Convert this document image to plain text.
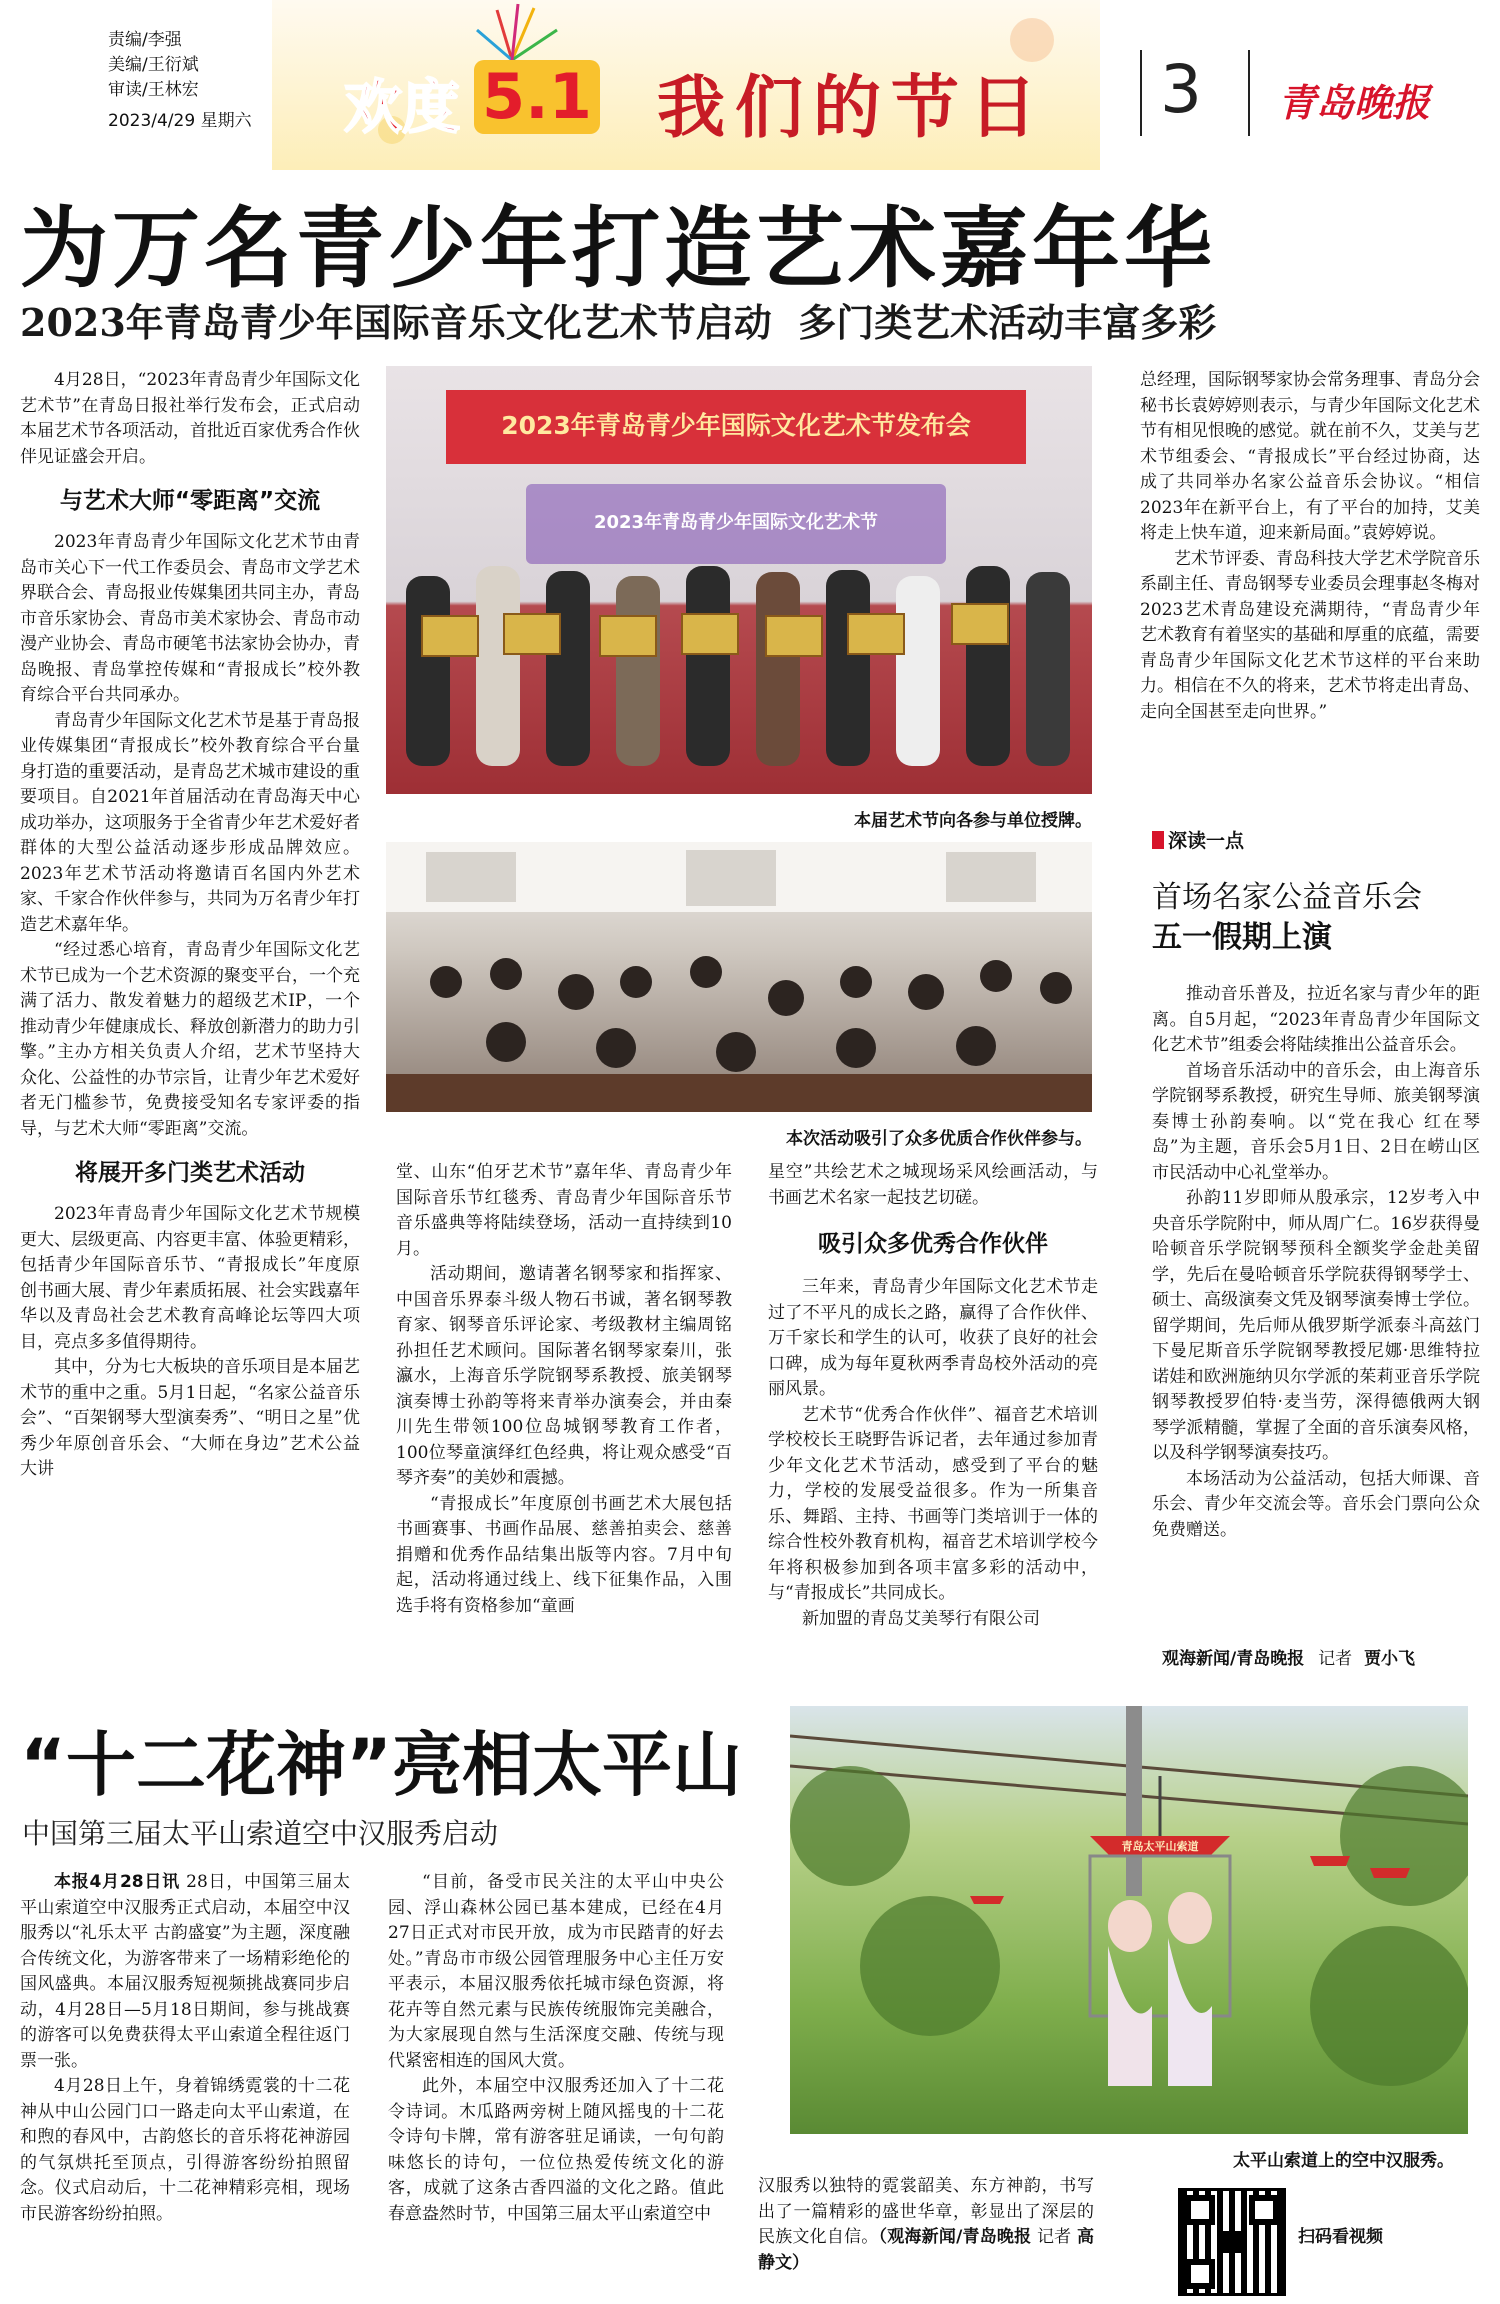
责编/李强
美编/王衍斌
审读/王林宏
2023/4/29 星期六 欢度 5.1 我们的节日 3 青岛晚报
为万名青少年打造艺术嘉年华
2023年青岛青少年国际音乐文化艺术节启动  多门类艺术活动丰富多彩

4月28日，“2023年青岛青少年国际文化艺术节”在青岛日报社举行发布会，正式启动本届艺术节各项活动，首批近百家优秀合作伙伴见证盛会开启。

与艺术大师“零距离”交流

2023年青岛青少年国际文化艺术节由青岛市关心下一代工作委员会、青岛市文学艺术界联合会、青岛报业传媒集团共同主办，青岛市音乐家协会、青岛市美术家协会、青岛市动漫产业协会、青岛市硬笔书法家协会协办，青岛晚报、青岛掌控传媒和“青报成长”校外教育综合平台共同承办。

青岛青少年国际文化艺术节是基于青岛报业传媒集团“青报成长”校外教育综合平台量身打造的重要活动，是青岛艺术城市建设的重要项目。自2021年首届活动在青岛海天中心成功举办，这项服务于全省青少年艺术爱好者群体的大型公益活动逐步形成品牌效应。2023年艺术节活动将邀请百名国内外艺术家、千家合作伙伴参与，共同为万名青少年打造艺术嘉年华。

“经过悉心培育，青岛青少年国际文化艺术节已成为一个艺术资源的聚变平台，一个充满了活力、散发着魅力的超级艺术IP，一个推动青少年健康成长、释放创新潜力的助力引擎。”主办方相关负责人介绍，艺术节坚持大众化、公益性的办节宗旨，让青少年艺术爱好者无门槛参节，免费接受知名专家评委的指导，与艺术大师“零距离”交流。

将展开多门类艺术活动

2023年青岛青少年国际文化艺术节规模更大、层级更高、内容更丰富、体验更精彩，包括青少年国际音乐节、“青报成长”年度原创书画大展、青少年素质拓展、社会实践嘉年华以及青岛社会艺术教育高峰论坛等四大项目，亮点多多值得期待。

其中，分为七大板块的音乐项目是本届艺术节的重中之重。5月1日起，“名家公益音乐会”、“百架钢琴大型演奏秀”、“明日之星”优秀少年原创音乐会、“大师在身边”艺术公益大讲

2023年青岛青少年国际文化艺术节发布会
2023年青岛青少年国际文化艺术节
本届艺术节向各参与单位授牌。
本次活动吸引了众多优质合作伙伴参与。

堂、山东“伯牙艺术节”嘉年华、青岛青少年国际音乐节红毯秀、青岛青少年国际音乐节音乐盛典等将陆续登场，活动一直持续到10月。

活动期间，邀请著名钢琴家和指挥家、中国音乐界泰斗级人物石书诚，著名钢琴教育家、钢琴音乐评论家、考级教材主编周铭孙担任艺术顾问。国际著名钢琴家秦川，张瀛水，上海音乐学院钢琴系教授、旅美钢琴演奏博士孙韵等将来青举办演奏会，并由秦川先生带领100位岛城钢琴教育工作者，100位琴童演绎红色经典，将让观众感受“百琴齐奏”的美妙和震撼。

“青报成长”年度原创书画艺术大展包括书画赛事、书画作品展、慈善拍卖会、慈善捐赠和优秀作品结集出版等内容。7月中旬起，活动将通过线上、线下征集作品，入围选手将有资格参加“童画

星空”共绘艺术之城现场采风绘画活动，与书画艺术名家一起技艺切磋。

吸引众多优秀合作伙伴

三年来，青岛青少年国际文化艺术节走过了不平凡的成长之路，赢得了合作伙伴、万千家长和学生的认可，收获了良好的社会口碑，成为每年夏秋两季青岛校外活动的亮丽风景。

艺术节“优秀合作伙伴”、福音艺术培训学校校长王晓野告诉记者，去年通过参加青少年文化艺术节活动，感受到了平台的魅力，学校的发展受益很多。作为一所集音乐、舞蹈、主持、书画等门类培训于一体的综合性校外教育机构，福音艺术培训学校今年将积极参加到各项丰富多彩的活动中，与“青报成长”共同成长。

新加盟的青岛艾美琴行有限公司

总经理，国际钢琴家协会常务理事、青岛分会秘书长袁婷婷则表示，与青少年国际文化艺术节有相见恨晚的感觉。就在前不久，艾美与艺术节组委会、“青报成长”平台经过协商，达成了共同举办名家公益音乐会协议。“相信2023年在新平台上，有了平台的加持，艾美将走上快车道，迎来新局面。”袁婷婷说。

艺术节评委、青岛科技大学艺术学院音乐系副主任、青岛钢琴专业委员会理事赵冬梅对2023艺术青岛建设充满期待，“青岛青少年艺术教育有着坚实的基础和厚重的底蕴，需要青岛青少年国际文化艺术节这样的平台来助力。相信在不久的将来，艺术节将走出青岛、走向全国甚至走向世界。”

深读一点
首场名家公益音乐会
五一假期上演

推动音乐普及，拉近名家与青少年的距离。自5月起，“2023年青岛青少年国际文化艺术节”组委会将陆续推出公益音乐会。

首场音乐活动中的音乐会，由上海音乐学院钢琴系教授，研究生导师、旅美钢琴演奏博士孙韵奏响。以“党在我心 红在琴岛”为主题，音乐会5月1日、2日在崂山区市民活动中心礼堂举办。

孙韵11岁即师从殷承宗，12岁考入中央音乐学院附中，师从周广仁。16岁获得曼哈顿音乐学院钢琴预科全额奖学金赴美留学，先后在曼哈顿音乐学院获得钢琴学士、硕士、高级演奏文凭及钢琴演奏博士学位。留学期间，先后师从俄罗斯学派泰斗高兹门下曼尼斯音乐学院钢琴教授尼娜·思维特拉诺娃和欧洲施纳贝尔学派的茱莉亚音乐学院钢琴教授罗伯特·麦当劳，深得德俄两大钢琴学派精髓，掌握了全面的音乐演奏风格，以及科学钢琴演奏技巧。

本场活动为公益活动，包括大师课、音乐会、青少年交流会等。音乐会门票向公众免费赠送。

观海新闻/青岛晚报 记者 贾小飞
“十二花神”亮相太平山
中国第三届太平山索道空中汉服秀启动

本报4月28日讯 28日，中国第三届太平山索道空中汉服秀正式启动，本届空中汉服秀以“礼乐太平 古韵盛宴”为主题，深度融合传统文化，为游客带来了一场精彩绝伦的国风盛典。本届汉服秀短视频挑战赛同步启动，4月28日—5月18日期间，参与挑战赛的游客可以免费获得太平山索道全程往返门票一张。

4月28日上午，身着锦绣霓裳的十二花神从中山公园门口一路走向太平山索道，在和煦的春风中，古韵悠长的音乐将花神游园的气氛烘托至顶点，引得游客纷纷拍照留念。仪式启动后，十二花神精彩亮相，现场市民游客纷纷拍照。

“目前，备受市民关注的太平山中央公园、浮山森林公园已基本建成，已经在4月27日正式对市民开放，成为市民踏青的好去处。”青岛市市级公园管理服务中心主任万安平表示，本届汉服秀依托城市绿色资源，将花卉等自然元素与民族传统服饰完美融合，为大家展现自然与生活深度交融、传统与现代紧密相连的国风大赏。

此外，本届空中汉服秀还加入了十二花令诗词。木瓜路两旁树上随风摇曳的十二花令诗句卡牌，常有游客驻足诵读，一句句韵味悠长的诗句，一位位热爱传统文化的游客，成就了这条古香四溢的文化之路。值此春意盎然时节，中国第三届太平山索道空中

汉服秀以独特的霓裳韶美、东方神韵，书写出了一篇精彩的盛世华章，彰显出了深层的民族文化自信。（观海新闻/青岛晚报 记者 高静文）

青岛太平山索道
太平山索道上的空中汉服秀。
扫码看视频
